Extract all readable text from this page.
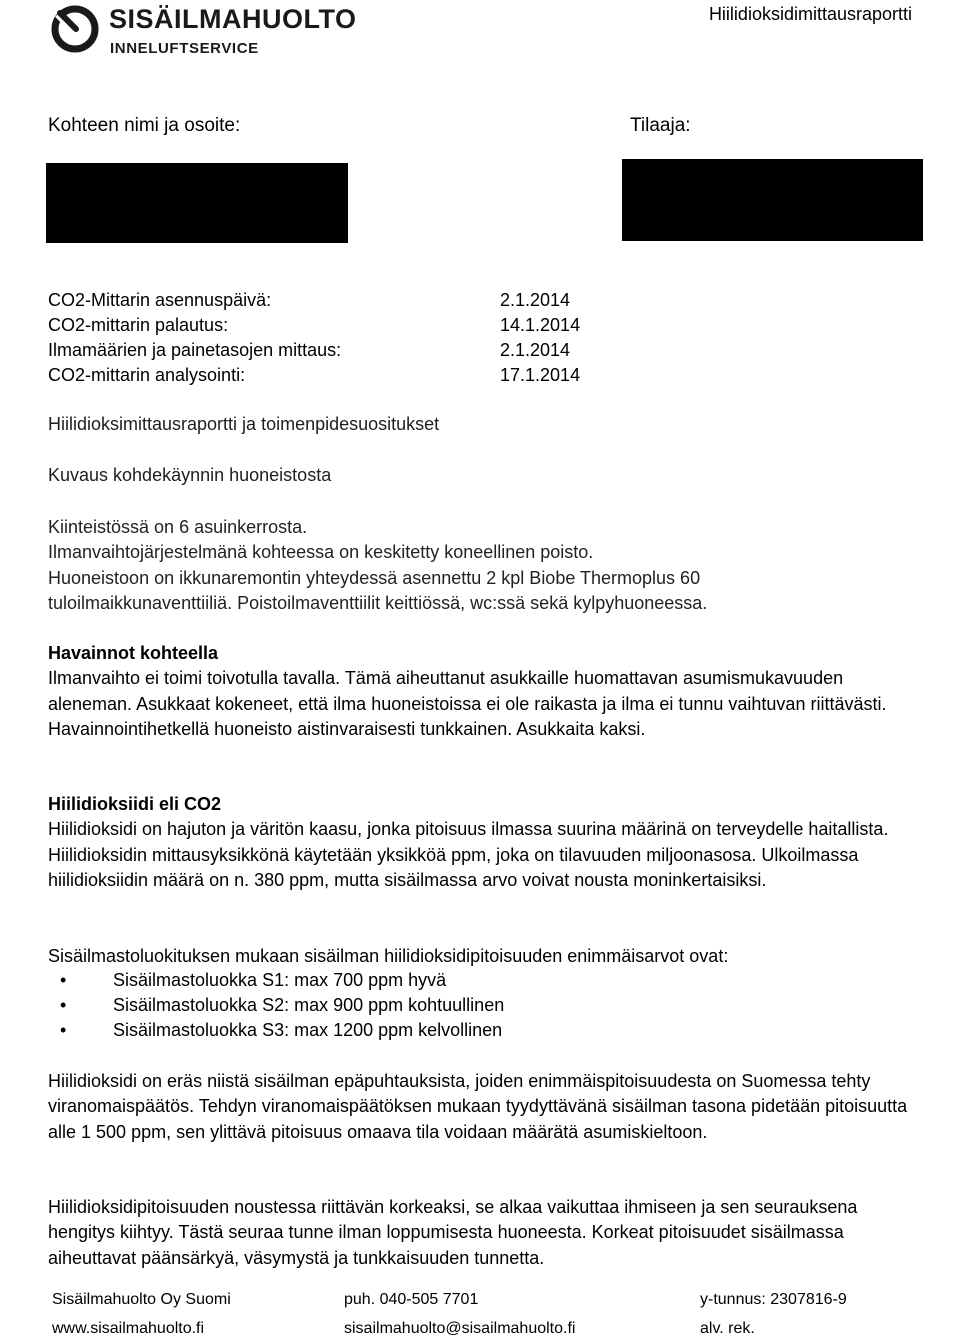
SISÄILMAHUOLTO
INNELUFTSERVICE
Hiilidioksidimittausraportti
Kohteen nimi ja osoite:	Tilaaja:
CO2-Mittarin asennuspäivä:	2.1.2014
CO2-mittarin palautus:	14.1.2014
Ilmamäärien ja painetasojen mittaus:	2.1.2014
CO2-mittarin analysointi:	17.1.2014
Hiilidioksimittausraportti ja toimenpidesuositukset
Kuvaus kohdekäynnin huoneistosta
Kiinteistössä on 6 asuinkerrosta.
Ilmanvaihtojärjestelmänä kohteessa on keskitetty koneellinen poisto.
Huoneistoon on ikkunaremontin yhteydessä asennettu 2 kpl Biobe Thermoplus 60
tuloilmaikkunaventtiiliä. Poistoilmaventtiilit keittiössä, wc:ssä sekä kylpyhuoneessa.
Havainnot kohteella
Ilmanvaihto ei toimi toivotulla tavalla. Tämä aiheuttanut asukkaille huomattavan asumismukavuuden aleneman. Asukkaat kokeneet, että ilma huoneistoissa ei ole raikasta ja ilma ei tunnu vaihtuvan riittävästi. Havainnointihetkellä huoneisto aistinvaraisesti tunkkainen. Asukkaita kaksi.
Hiilidioksiidi eli CO2
Hiilidioksidi on hajuton ja väritön kaasu, jonka pitoisuus ilmassa suurina määrinä on terveydelle haitallista. Hiilidioksidin mittausyksikkönä käytetään yksikköä ppm, joka on tilavuuden miljoonasosa. Ulkoilmassa hiilidioksiidin määrä on n. 380 ppm, mutta sisäilmassa arvo voivat nousta moninkertaisiksi.
Sisäilmastoluokituksen mukaan sisäilman hiilidioksidipitoisuuden enimmäisarvot ovat:
•	Sisäilmastoluokka S1: max 700 ppm hyvä
•	Sisäilmastoluokka S2: max 900 ppm kohtuullinen
•	Sisäilmastoluokka S3: max 1200 ppm kelvollinen
Hiilidioksidi on eräs niistä sisäilman epäpuhtauksista, joiden enimmäispitoisuudesta on Suomessa tehty viranomaispäätös. Tehdyn viranomaispäätöksen mukaan tyydyttävänä sisäilman tasona pidetään pitoisuutta alle 1 500 ppm, sen ylittävä pitoisuus omaava tila voidaan määrätä asumiskieltoon.
Hiilidioksidipitoisuuden noustessa riittävän korkeaksi, se alkaa vaikuttaa ihmiseen ja sen seurauksena hengitys kiihtyy. Tästä seuraa tunne ilman loppumisesta huoneesta. Korkeat pitoisuudet sisäilmassa aiheuttavat päänsärkyä, väsymystä ja tunkkaisuuden tunnetta.
Sisäilmahuolto Oy Suomi	puh. 040-505 7701	y-tunnus: 2307816-9
www.sisailmahuolto.fi	sisailmahuolto@sisailmahuolto.fi	alv. rek.
